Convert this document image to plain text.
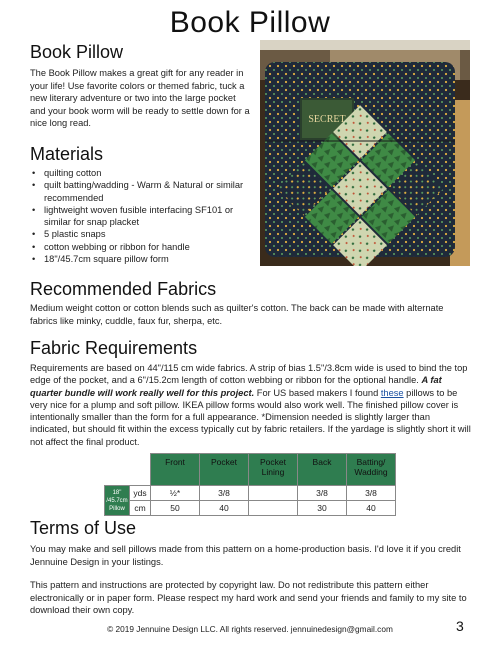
Book Pillow
Book Pillow
The Book Pillow makes a great gift for any reader in your life! Use favorite colors or themed fabric, tuck a new literary adventure or two into the large pocket and your book worm will be ready to settle down for a nice long read.
Materials
• quilting cotton
• quilt batting/wadding - Warm & Natural or similar recommended
• lightweight woven fusible interfacing SF101 or similar for snap placket
• 5 plastic snaps
• cotton webbing or ribbon for handle
• 18"/45.7cm square pillow form
SECRET
Recommended Fabrics
Medium weight cotton or cotton blends such as quilter's cotton. The back can be made with alternate fabrics like minky, cuddle, faux fur, sherpa, etc.
Fabric Requirements
Requirements are based on 44"/115 cm wide fabrics. A strip of bias 1.5"/3.8cm wide is used to bind the top edge of the pocket, and a 6"/15.2cm length of cotton webbing or ribbon for the optional handle. A fat quarter bundle will work really well for this project. For US based makers I found these pillows to be very nice for a plump and soft pillow. IKEA pillow forms would also work well. The finished pillow cover is intentionally smaller than the form for a full appearance. *Dimension needed is slightly larger than indicated, but should fit within the excess typically cut by fabric retailers. If the yardage is slightly short it will not affect the final product.
		Front	Pocket	Pocket Lining	Back	Batting/ Wadding
18" /45.7cm Pillow	yds	½*	3/8		3/8	3/8
	cm	50	40		30	40
Terms of Use
You may make and sell pillows made from this pattern on a home-production basis. I'd love it if you credit Jennuine Design in your listings.
This pattern and instructions are protected by copyright law. Do not redistribute this pattern either electronically or in paper form. Please respect my hard work and send your friends and family to my site to download their own copy.
© 2019 Jennuine Design LLC. All rights reserved. jennuinedesign@gmail.com	3
